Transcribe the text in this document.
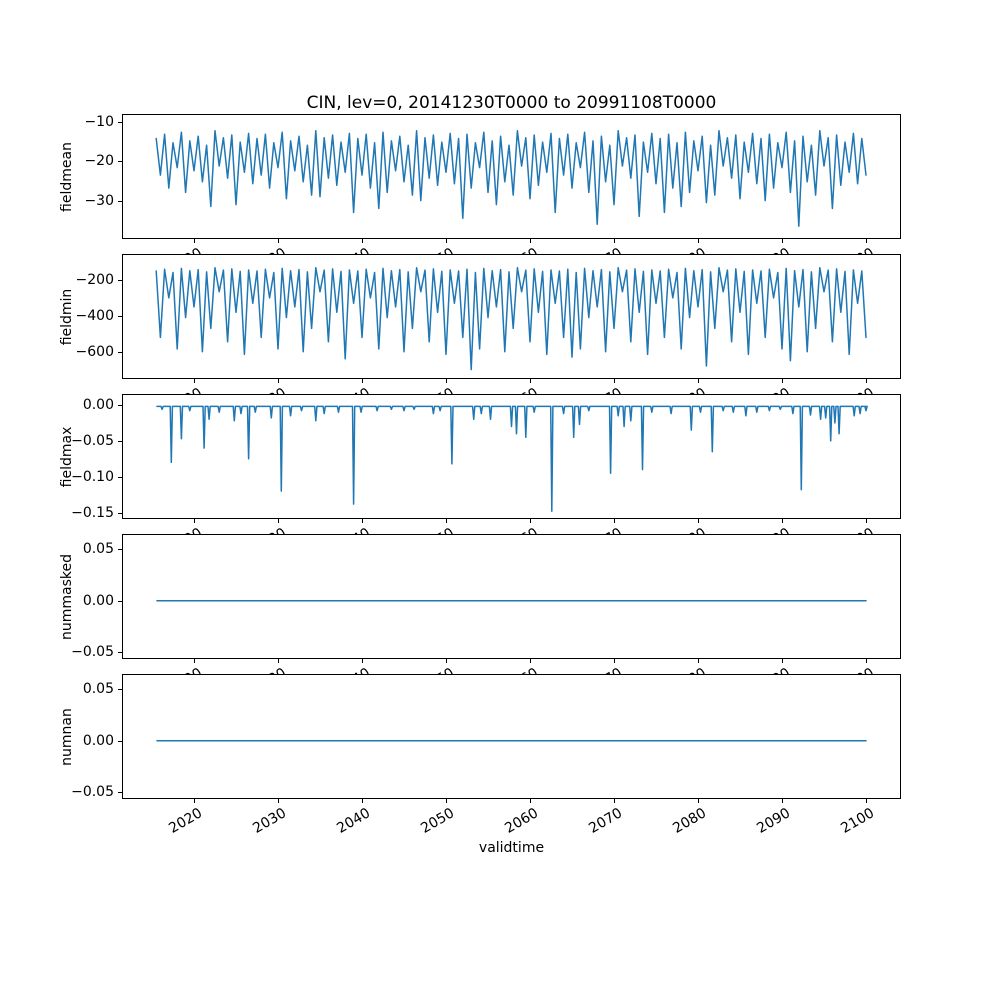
CIN, lev=0, 20141230T0000 to 20991108T0000
fieldmean
−10
−20
−30
fieldmin
−200
−400
−600
fieldmax
0.00
−0.05
−0.10
−0.15
nummasked
0.05
0.00
−0.05
numnan
0.05
0.00
−0.05
2020	2030	2040	2050	2060	2070	2080	2090	2100
validtime
